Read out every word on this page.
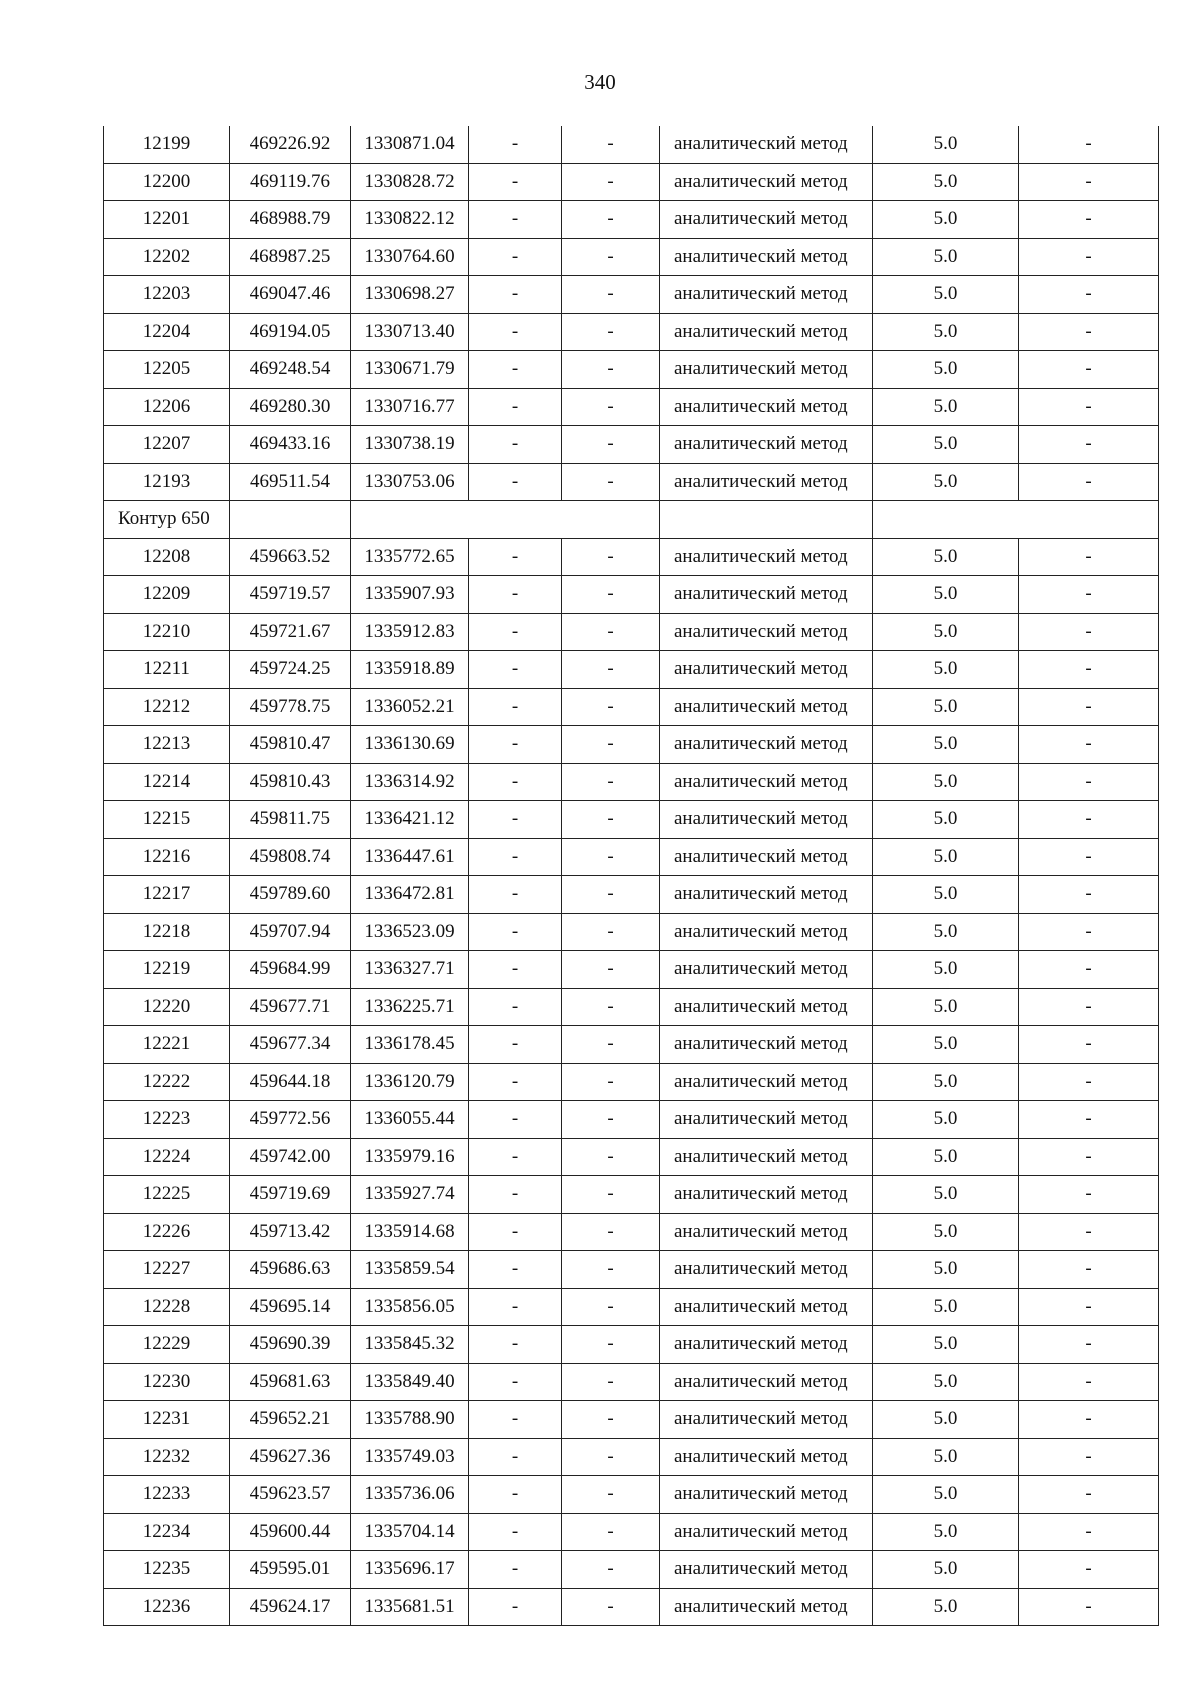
340
12199	469226.92	1330871.04	-	-	аналитический метод	5.0	-
12200	469119.76	1330828.72	-	-	аналитический метод	5.0	-
12201	468988.79	1330822.12	-	-	аналитический метод	5.0	-
12202	468987.25	1330764.60	-	-	аналитический метод	5.0	-
12203	469047.46	1330698.27	-	-	аналитический метод	5.0	-
12204	469194.05	1330713.40	-	-	аналитический метод	5.0	-
12205	469248.54	1330671.79	-	-	аналитический метод	5.0	-
12206	469280.30	1330716.77	-	-	аналитический метод	5.0	-
12207	469433.16	1330738.19	-	-	аналитический метод	5.0	-
12193	469511.54	1330753.06	-	-	аналитический метод	5.0	-
Контур 650							
12208	459663.52	1335772.65	-	-	аналитический метод	5.0	-
12209	459719.57	1335907.93	-	-	аналитический метод	5.0	-
12210	459721.67	1335912.83	-	-	аналитический метод	5.0	-
12211	459724.25	1335918.89	-	-	аналитический метод	5.0	-
12212	459778.75	1336052.21	-	-	аналитический метод	5.0	-
12213	459810.47	1336130.69	-	-	аналитический метод	5.0	-
12214	459810.43	1336314.92	-	-	аналитический метод	5.0	-
12215	459811.75	1336421.12	-	-	аналитический метод	5.0	-
12216	459808.74	1336447.61	-	-	аналитический метод	5.0	-
12217	459789.60	1336472.81	-	-	аналитический метод	5.0	-
12218	459707.94	1336523.09	-	-	аналитический метод	5.0	-
12219	459684.99	1336327.71	-	-	аналитический метод	5.0	-
12220	459677.71	1336225.71	-	-	аналитический метод	5.0	-
12221	459677.34	1336178.45	-	-	аналитический метод	5.0	-
12222	459644.18	1336120.79	-	-	аналитический метод	5.0	-
12223	459772.56	1336055.44	-	-	аналитический метод	5.0	-
12224	459742.00	1335979.16	-	-	аналитический метод	5.0	-
12225	459719.69	1335927.74	-	-	аналитический метод	5.0	-
12226	459713.42	1335914.68	-	-	аналитический метод	5.0	-
12227	459686.63	1335859.54	-	-	аналитический метод	5.0	-
12228	459695.14	1335856.05	-	-	аналитический метод	5.0	-
12229	459690.39	1335845.32	-	-	аналитический метод	5.0	-
12230	459681.63	1335849.40	-	-	аналитический метод	5.0	-
12231	459652.21	1335788.90	-	-	аналитический метод	5.0	-
12232	459627.36	1335749.03	-	-	аналитический метод	5.0	-
12233	459623.57	1335736.06	-	-	аналитический метод	5.0	-
12234	459600.44	1335704.14	-	-	аналитический метод	5.0	-
12235	459595.01	1335696.17	-	-	аналитический метод	5.0	-
12236	459624.17	1335681.51	-	-	аналитический метод	5.0	-
